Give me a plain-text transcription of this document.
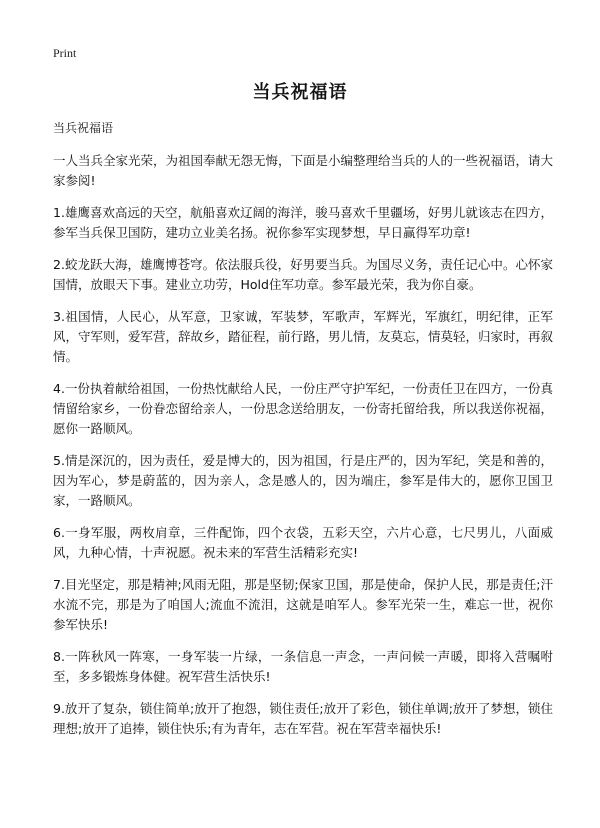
Print
当兵祝福语

当兵祝福语

一人当兵全家光荣，为祖国奉献无怨无悔，下面是小编整理给当兵的人的一些祝福语，请大家参阅!

1.雄鹰喜欢高远的天空，航船喜欢辽阔的海洋，骏马喜欢千里疆场，好男儿就该志在四方，参军当兵保卫国防，建功立业美名扬。祝你参军实现梦想，早日赢得军功章!

2.蛟龙跃大海，雄鹰博苍穹。依法服兵役，好男要当兵。为国尽义务，责任记心中。心怀家国情，放眼天下事。建业立功劳，Hold住军功章。参军最光荣，我为你自豪。

3.祖国情，人民心，从军意，卫家诚，军装梦，军歌声，军辉光，军旗红，明纪律，正军风，守军则，爱军营，辞故乡，踏征程，前行路，男儿情，友莫忘，情莫轻，归家时，再叙情。

4.一份执着献给祖国，一份热忱献给人民，一份庄严守护军纪，一份责任卫在四方，一份真情留给家乡，一份眷恋留给亲人，一份思念送给朋友，一份寄托留给我，所以我送你祝福，愿你一路顺风。

5.情是深沉的，因为责任，爱是博大的，因为祖国，行是庄严的，因为军纪，笑是和善的，因为军心，梦是蔚蓝的，因为亲人，念是感人的，因为端庄，参军是伟大的，愿你卫国卫家，一路顺风。

6.一身军服，两枚肩章，三件配饰，四个衣袋，五彩天空，六片心意，七尺男儿，八面威风，九种心情，十声祝愿。祝未来的军营生活精彩充实!

7.目光坚定，那是精神;风雨无阻，那是坚韧;保家卫国，那是使命，保护人民，那是责任;汗水流不完，那是为了咱国人;流血不流泪，这就是咱军人。参军光荣一生，难忘一世，祝你参军快乐!

8.一阵秋风一阵寒，一身军装一片绿，一条信息一声念，一声问候一声暖，即将入营嘱咐至，多多锻炼身体健。祝军营生活快乐!

9.放开了复杂，锁住简单;放开了抱怨，锁住责任;放开了彩色，锁住单调;放开了梦想，锁住理想;放开了追捧，锁住快乐;有为青年，志在军营。祝在军营幸福快乐!
